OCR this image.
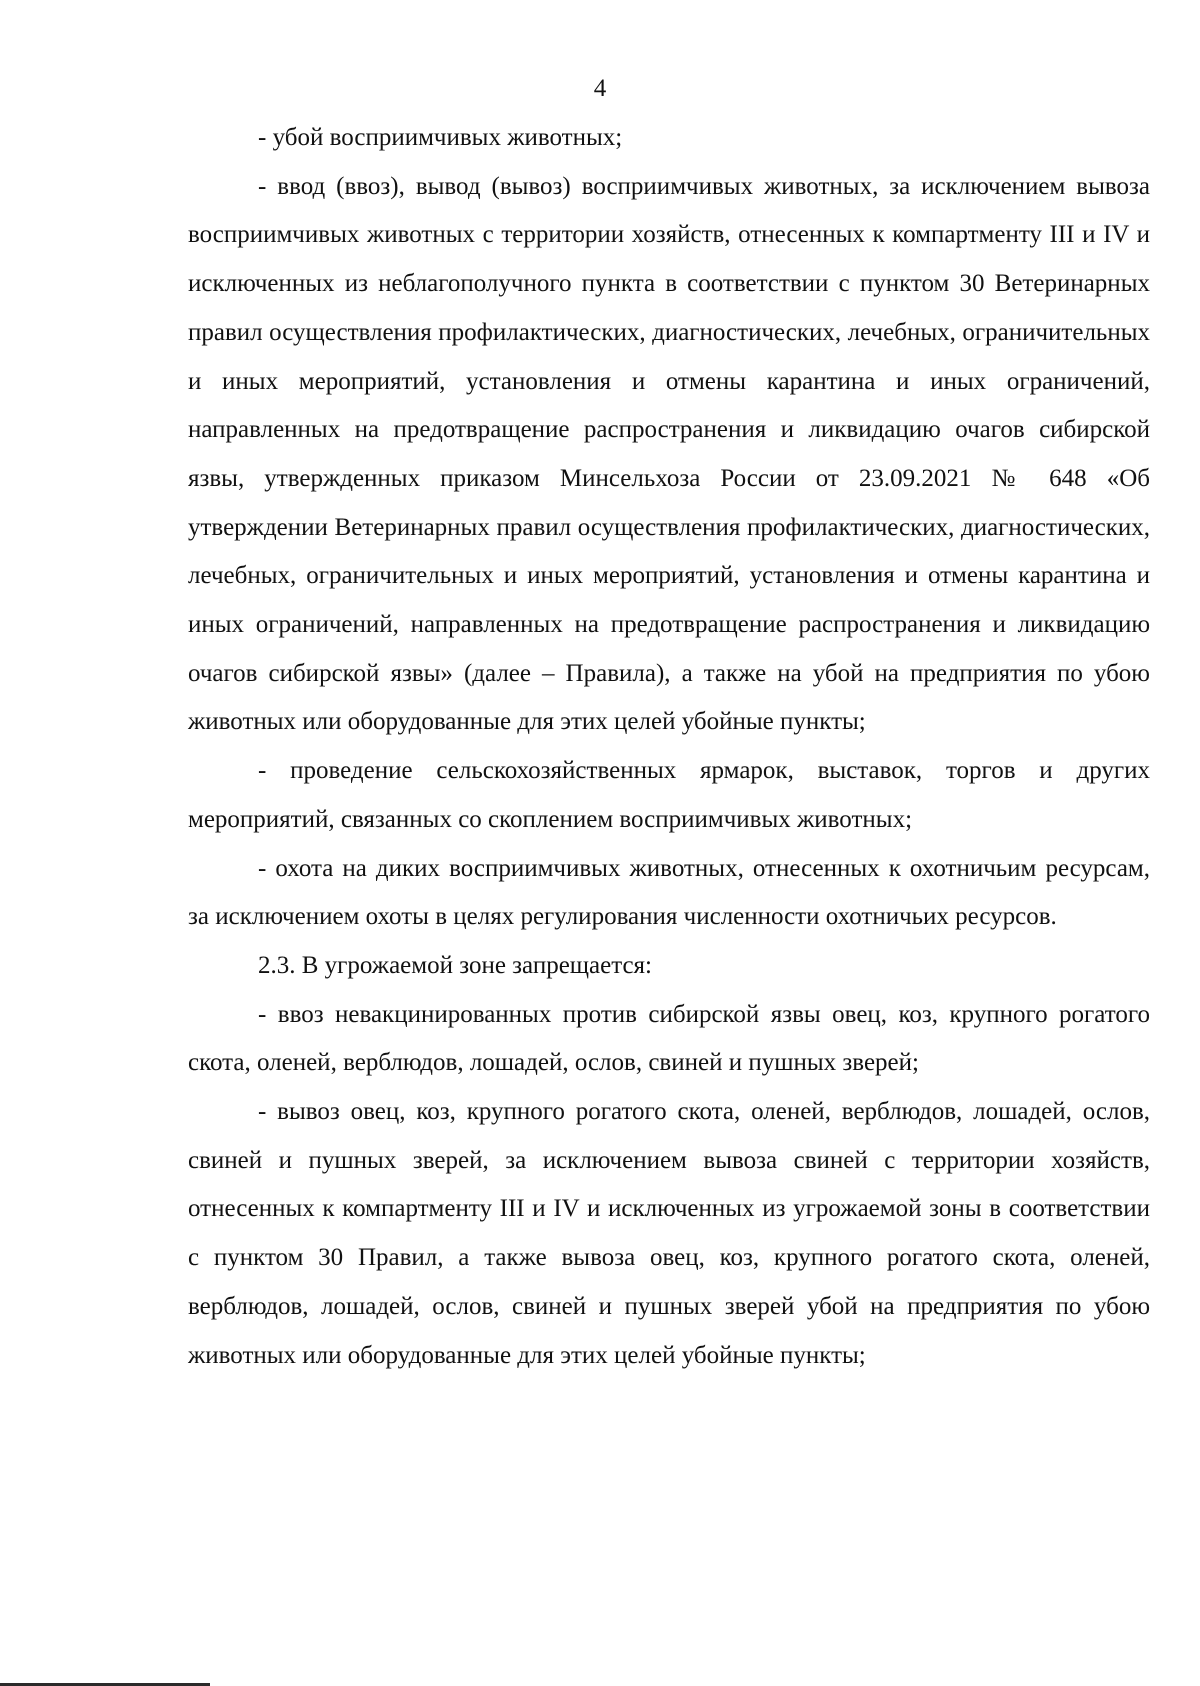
4

- убой восприимчивых животных;

- ввод (ввоз), вывод (вывоз) восприимчивых животных, за исключением вывоза восприимчивых животных с территории хозяйств, отнесенных к компартменту III и IV и исключенных из неблагополучного пункта в соответствии с пунктом 30 Ветеринарных правил осуществления профилактических, диагностических, лечебных, ограничительных и иных мероприятий, установления и отмены карантина и иных ограничений, направленных на предотвращение распространения и ликвидацию очагов сибирской язвы, утвержденных приказом Минсельхоза России от 23.09.2021 № 648 «Об утверждении Ветеринарных правил осуществления профилактических, диагностических, лечебных, ограничительных и иных мероприятий, установления и отмены карантина и иных ограничений, направленных на предотвращение распространения и ликвидацию очагов сибирской язвы» (далее – Правила), а также на убой на предприятия по убою животных или оборудованные для этих целей убойные пункты;

- проведение сельскохозяйственных ярмарок, выставок, торгов и других мероприятий, связанных со скоплением восприимчивых животных;

- охота на диких восприимчивых животных, отнесенных к охотничьим ресурсам, за исключением охоты в целях регулирования численности охотничьих ресурсов.

2.3. В угрожаемой зоне запрещается:

- ввоз невакцинированных против сибирской язвы овец, коз, крупного рогатого скота, оленей, верблюдов, лошадей, ослов, свиней и пушных зверей;

- вывоз овец, коз, крупного рогатого скота, оленей, верблюдов, лошадей, ослов, свиней и пушных зверей, за исключением вывоза свиней с территории хозяйств, отнесенных к компартменту III и IV и исключенных из угрожаемой зоны в соответствии с пунктом 30 Правил, а также вывоза овец, коз, крупного рогатого скота, оленей, верблюдов, лошадей, ослов, свиней и пушных зверей убой на предприятия по убою животных или оборудованные для этих целей убойные пункты;
